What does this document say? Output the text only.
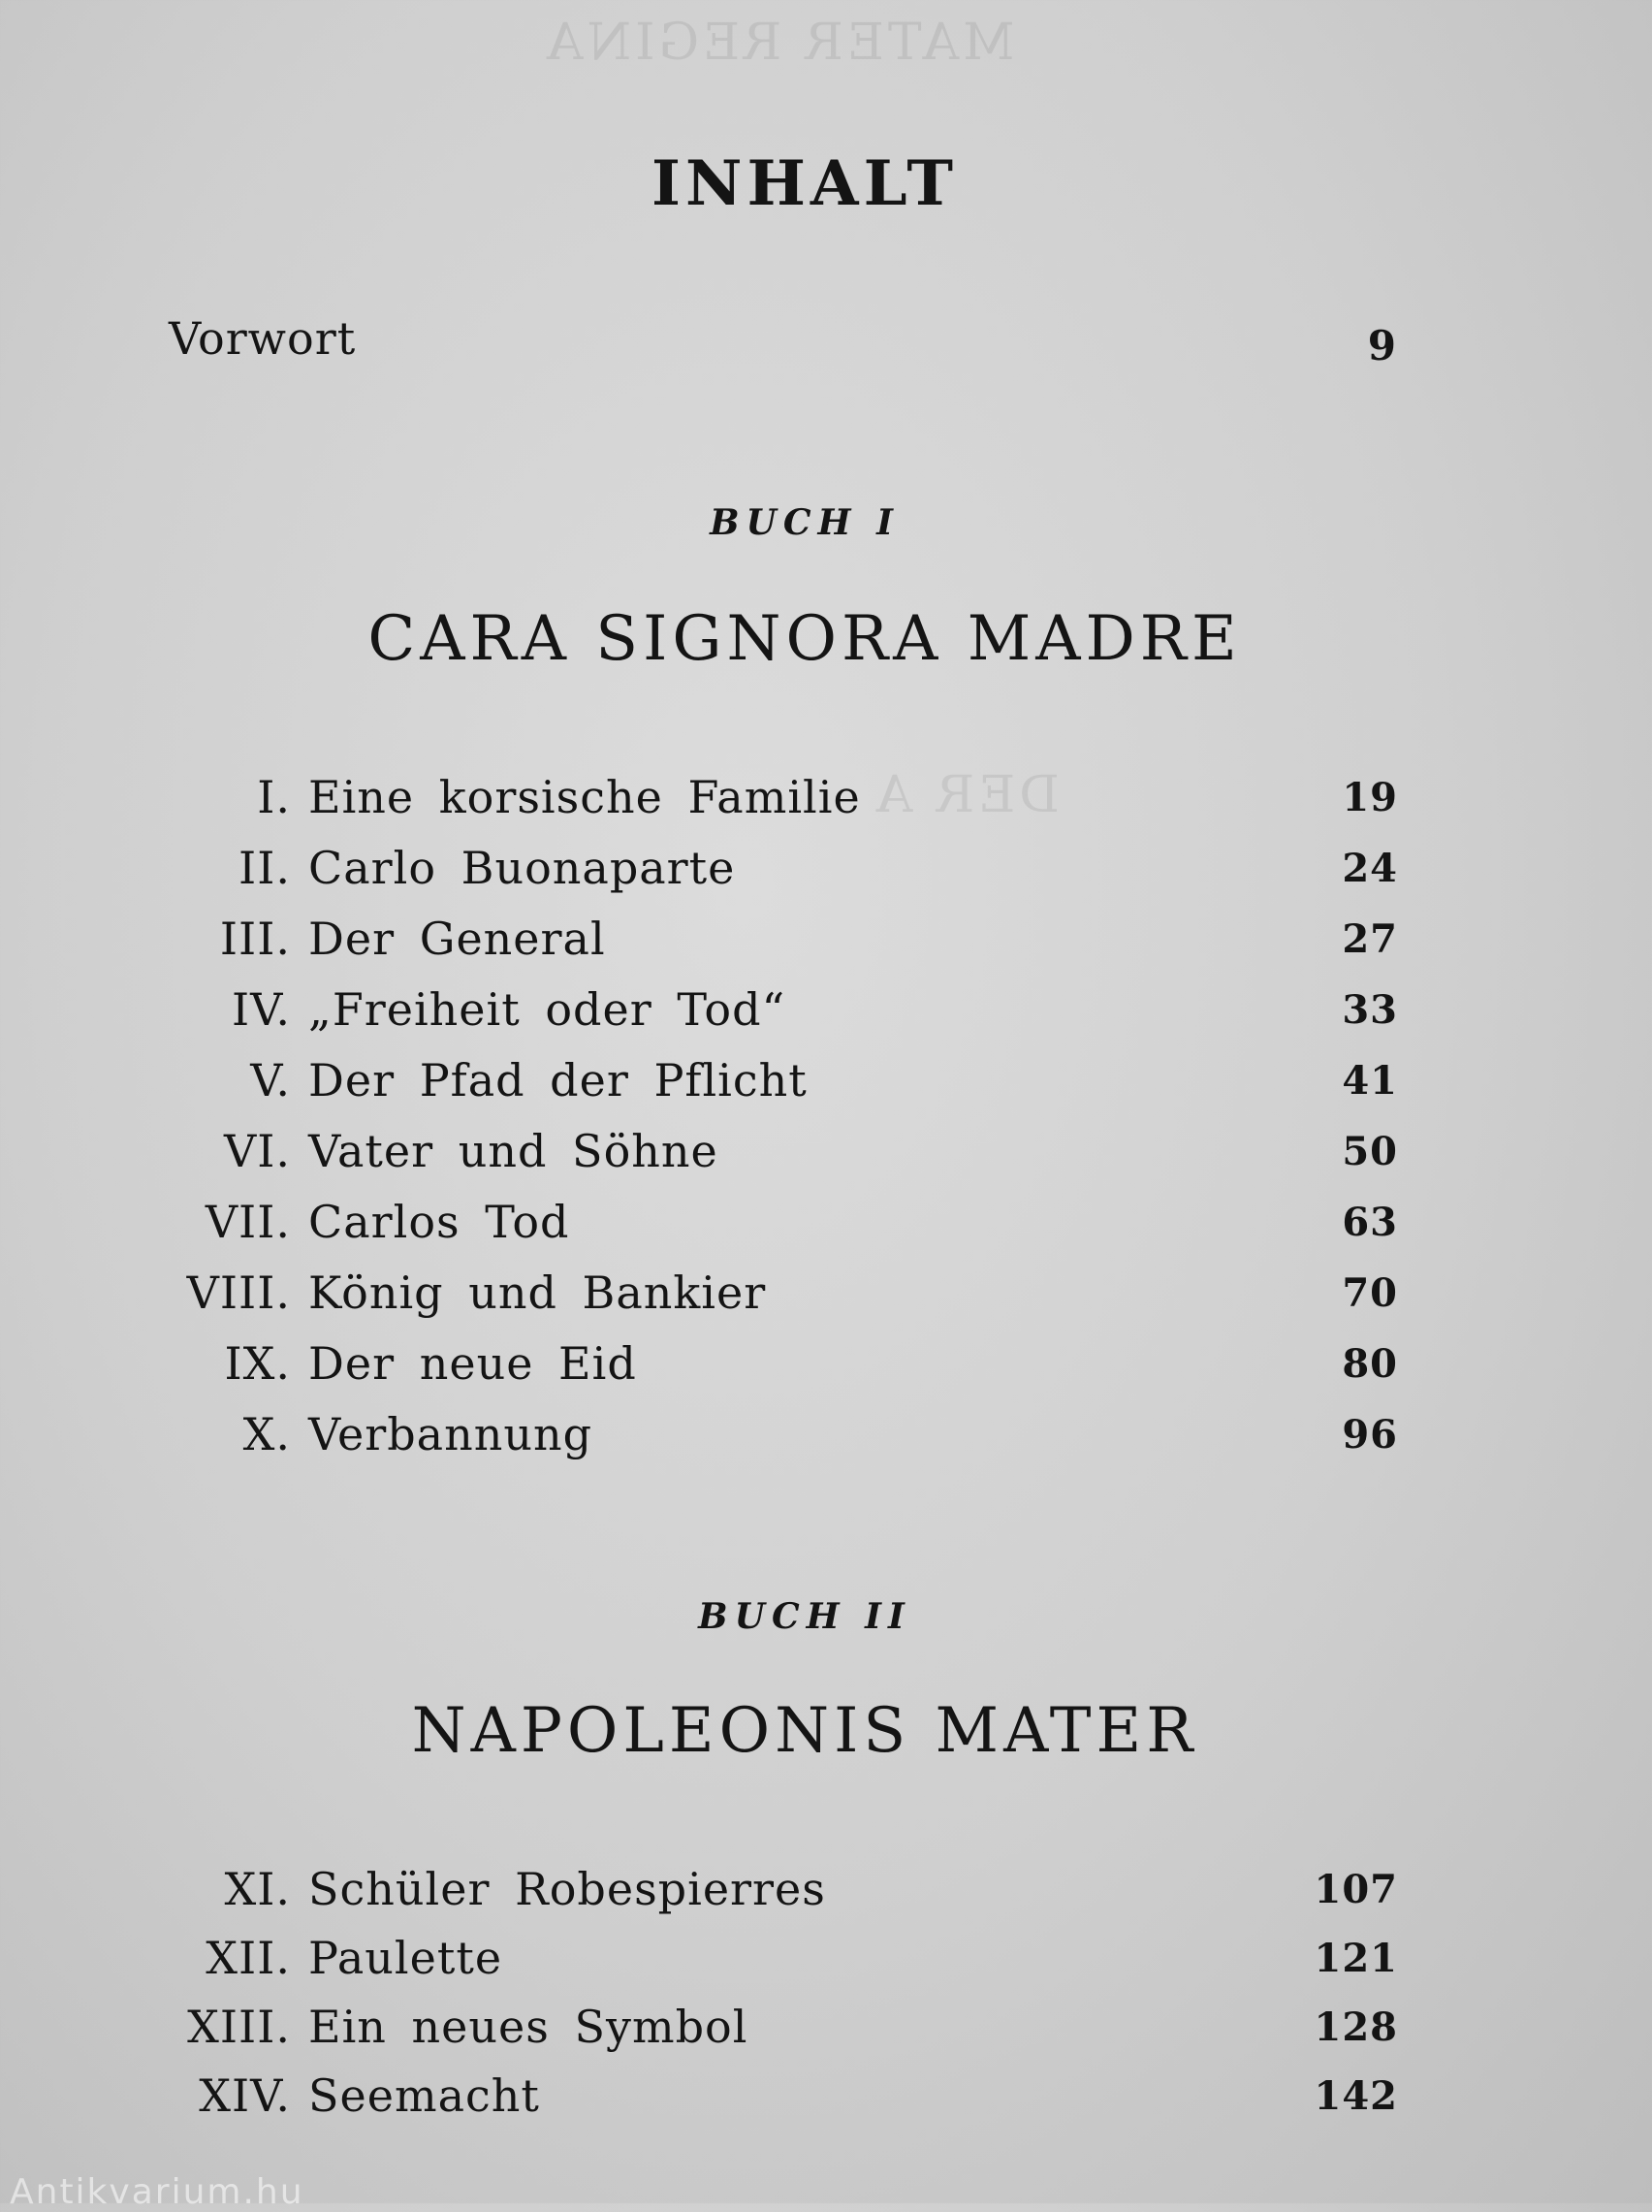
MATER REGINA
DER A
INHALT
Vorwort	9
BUCH I
CARA SIGNORA MADRE
I. Eine korsische Familie	19
II. Carlo Buonaparte	24
III. Der General	27
IV. „Freiheit oder Tod“	33
V. Der Pfad der Pflicht	41
VI. Vater und Söhne	50
VII. Carlos Tod	63
VIII. König und Bankier	70
IX. Der neue Eid	80
X. Verbannung	96
BUCH II
NAPOLEONIS MATER
XI. Schüler Robespierres	107
XII. Paulette	121
XIII. Ein neues Symbol	128
XIV. Seemacht	142
Antikvarium.hu
